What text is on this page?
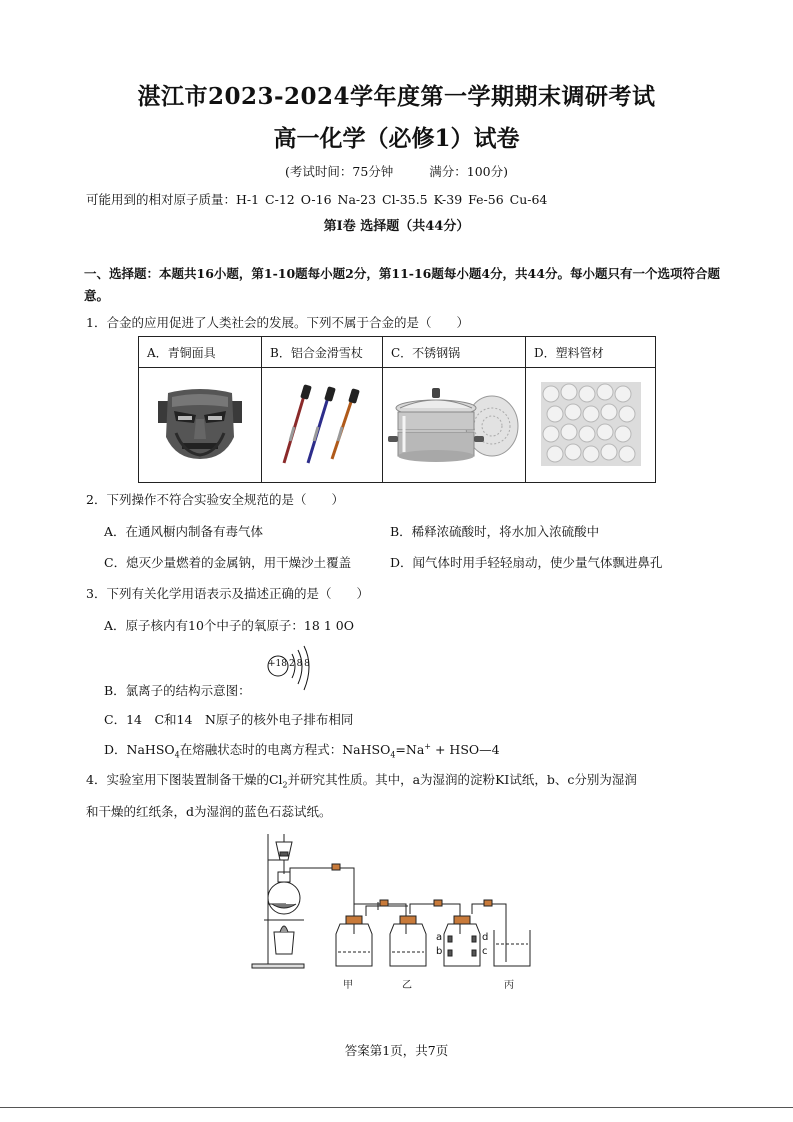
湛江市2023-2024学年度第一学期期末调研考试
高一化学（必修1）试卷
(考试时间：75分钟	满分：100分)
可能用到的相对原子质量：H-1 C-12 O-16 Na-23 Cl-35.5 K-39 Fe-56 Cu-64
第Ⅰ卷 选择题（共44分）
一、选择题：本题共16小题，第1-10题每小题2分，第11-16题每小题4分，共44分。每小题只有一个选项符合题意。
1．合金的应用促进了人类社会的发展。下列不属于合金的是（　　）
A．青铜面具	B．铝合金滑雪杖	C．不锈钢锅	D．塑料管材

2．下列操作不符合实验安全规范的是（　　）
A．在通风橱内制备有毒气体	B．稀释浓硫酸时，将水加入浓硫酸中
C．熄灭少量燃着的金属钠，用干燥沙土覆盖	D．闻气体时用手轻轻扇动，使少量气体飘进鼻孔
3．下列有关化学用语表示及描述正确的是（　　）
A．原子核内有10个中子的氧原子：18 1 0O
B．氯离子的结构示意图：
+18 2 8 8
C．14　C和14　N原子的核外电子排布相同
D．NaHSO$_4$在熔融状态时的电离方程式：NaHSO$_4$=Na+ + HSO—4
4．实验室用下图装置制备干燥的$Cl_2$并研究其性质。其中，a为湿润的淀粉KI试纸，b、c分别为湿润
和干燥的红纸条，d为湿润的蓝色石蕊试纸。
甲	乙	丙
a
b	c
d
答案第1页，共7页
